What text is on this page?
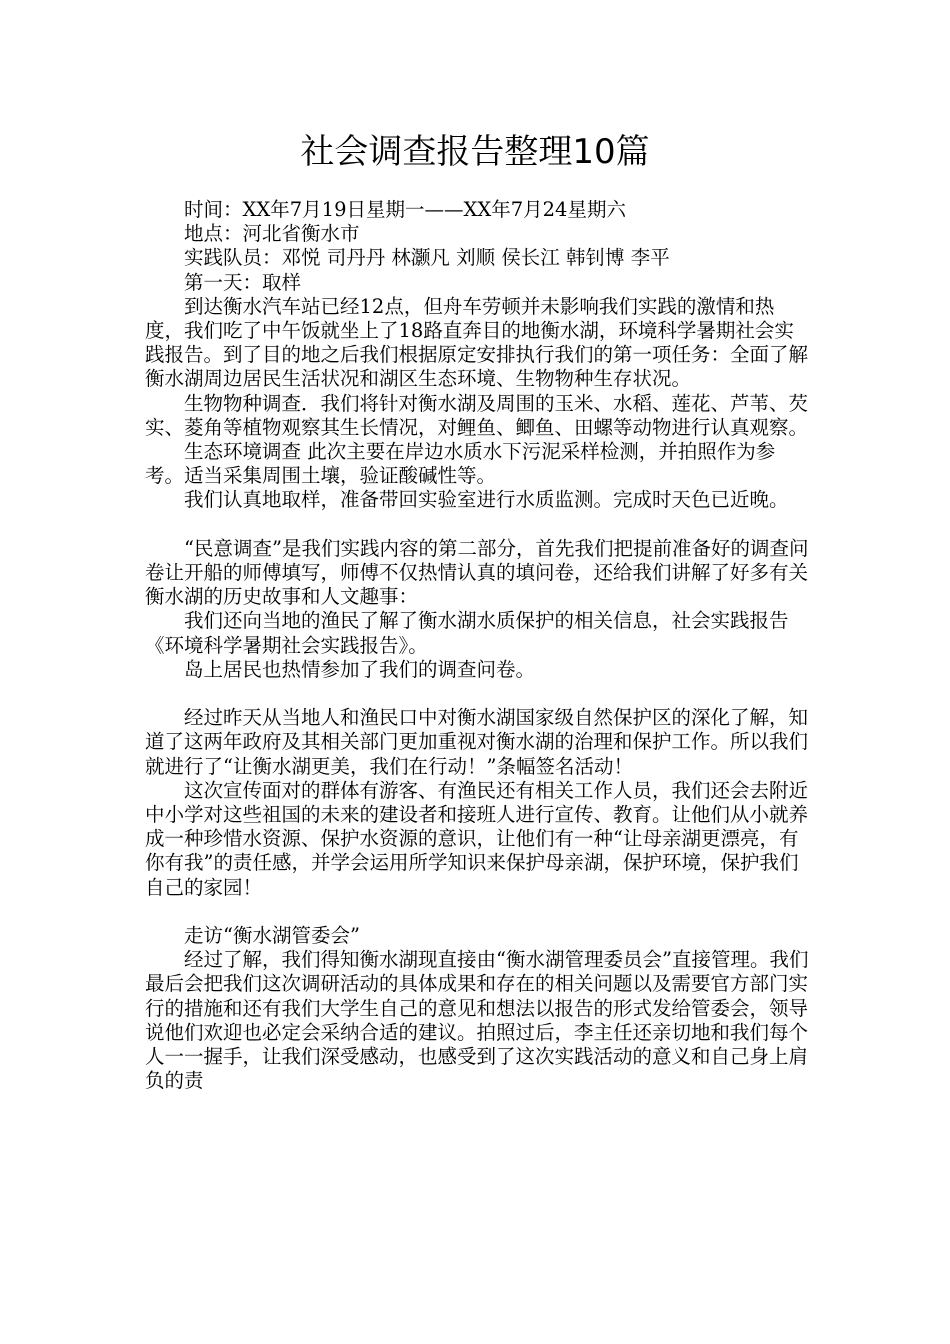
社会调查报告整理10篇

时间：XX年7月19日星期一——XX年7月24星期六

地点：河北省衡水市

实践队员：邓悦 司丹丹 林灏凡 刘顺 侯长江 韩钊博 李平

第一天：取样

到达衡水汽车站已经12点，但舟车劳顿并未影响我们实践的激情和热度，我们吃了中午饭就坐上了18路直奔目的地衡水湖，环境科学暑期社会实践报告。到了目的地之后我们根据原定安排执行我们的第一项任务：全面了解衡水湖周边居民生活状况和湖区生态环境、生物物种生存状况。

生物物种调查．我们将针对衡水湖及周围的玉米、水稻、莲花、芦苇、芡实、菱角等植物观察其生长情况，对鲤鱼、鲫鱼、田螺等动物进行认真观察。

生态环境调查 此次主要在岸边水质水下污泥采样检测，并拍照作为参考。适当采集周围土壤，验证酸碱性等。

我们认真地取样，准备带回实验室进行水质监测。完成时天色已近晚。

“民意调查”是我们实践内容的第二部分，首先我们把提前准备好的调查问卷让开船的师傅填写，师傅不仅热情认真的填问卷，还给我们讲解了好多有关衡水湖的历史故事和人文趣事：

我们还向当地的渔民了解了衡水湖水质保护的相关信息，社会实践报告《环境科学暑期社会实践报告》。

岛上居民也热情参加了我们的调查问卷。

经过昨天从当地人和渔民口中对衡水湖国家级自然保护区的深化了解，知道了这两年政府及其相关部门更加重视对衡水湖的治理和保护工作。所以我们就进行了“让衡水湖更美，我们在行动！”条幅签名活动！

这次宣传面对的群体有游客、有渔民还有相关工作人员，我们还会去附近中小学对这些祖国的未来的建设者和接班人进行宣传、教育。让他们从小就养成一种珍惜水资源、保护水资源的意识，让他们有一种“让母亲湖更漂亮，有你有我”的责任感，并学会运用所学知识来保护母亲湖，保护环境，保护我们自己的家园！

走访“衡水湖管委会”

经过了解，我们得知衡水湖现直接由“衡水湖管理委员会”直接管理。我们最后会把我们这次调研活动的具体成果和存在的相关问题以及需要官方部门实行的措施和还有我们大学生自己的意见和想法以报告的形式发给管委会，领导说他们欢迎也必定会采纳合适的建议。拍照过后，李主任还亲切地和我们每个人一一握手，让我们深受感动，也感受到了这次实践活动的意义和自己身上肩负的责
